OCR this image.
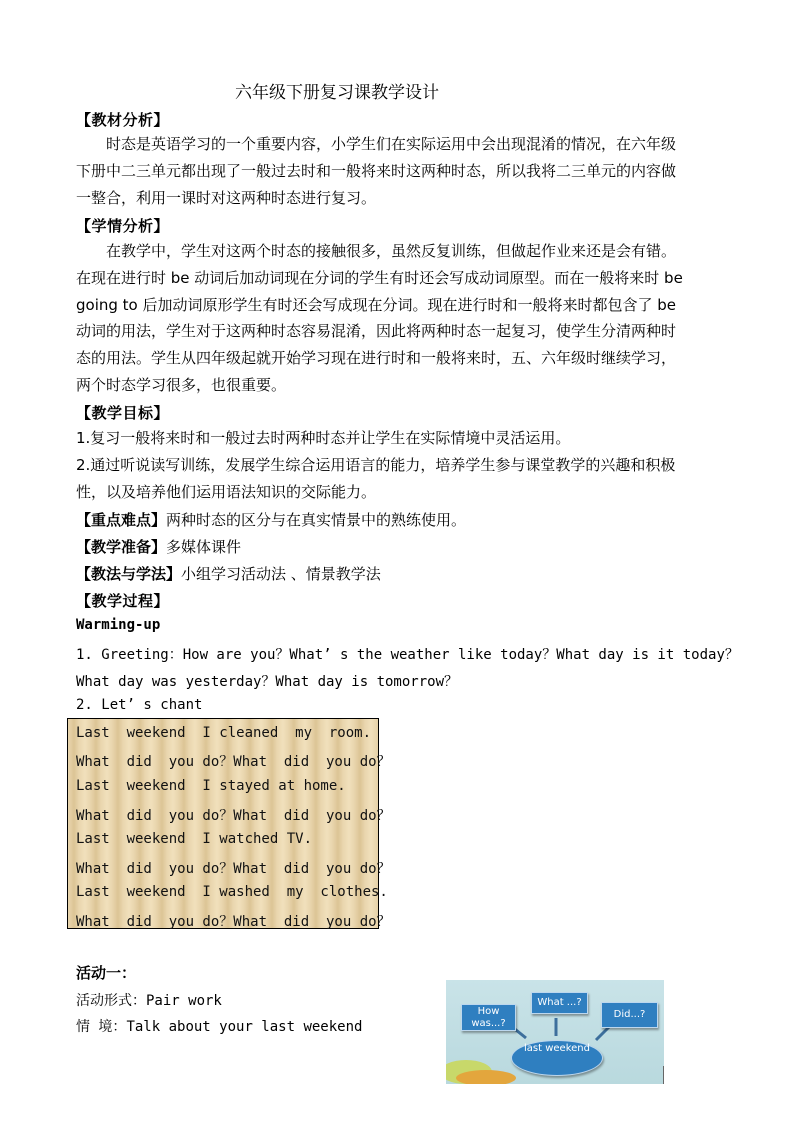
六年级下册复习课教学设计
【教材分析】
时态是英语学习的一个重要内容，小学生们在实际运用中会出现混淆的情况，在六年级
下册中二三单元都出现了一般过去时和一般将来时这两种时态，所以我将二三单元的内容做
一整合，利用一课时对这两种时态进行复习。
【学情分析】
在教学中，学生对这两个时态的接触很多，虽然反复训练，但做起作业来还是会有错。
在现在进行时 be 动词后加动词现在分词的学生有时还会写成动词原型。而在一般将来时 be
going to 后加动词原形学生有时还会写成现在分词。现在进行时和一般将来时都包含了 be
动词的用法，学生对于这两种时态容易混淆，因此将两种时态一起复习，使学生分清两种时
态的用法。学生从四年级起就开始学习现在进行时和一般将来时，五、六年级时继续学习，
两个时态学习很多，也很重要。
【教学目标】
1.复习一般将来时和一般过去时两种时态并让学生在实际情境中灵活运用。
2.通过听说读写训练，发展学生综合运用语言的能力，培养学生参与课堂教学的兴趣和积极
性，以及培养他们运用语法知识的交际能力。
【重点难点】两种时态的区分与在真实情景中的熟练使用。
【教学准备】多媒体课件
【教法与学法】小组学习活动法 、情景教学法
【教学过程】
Warming-up
1. Greeting：How are you？What’ s the weather like today？What day is it today？
What day was yesterday？What day is tomorrow？
2. Let’ s chant
Last  weekend  I cleaned  my  room.
What  did  you do？What  did  you do？
Last  weekend  I stayed at home.
What  did  you do？What  did  you do？
Last  weekend  I watched TV.
What  did  you do？What  did  you do？
Last  weekend  I washed  my  clothes.
What  did  you do？What  did  you do？
活动一：
活动形式：Pair work
情 境：Talk about your last weekend
How was...?
What ...?
Did...?
last weekend
